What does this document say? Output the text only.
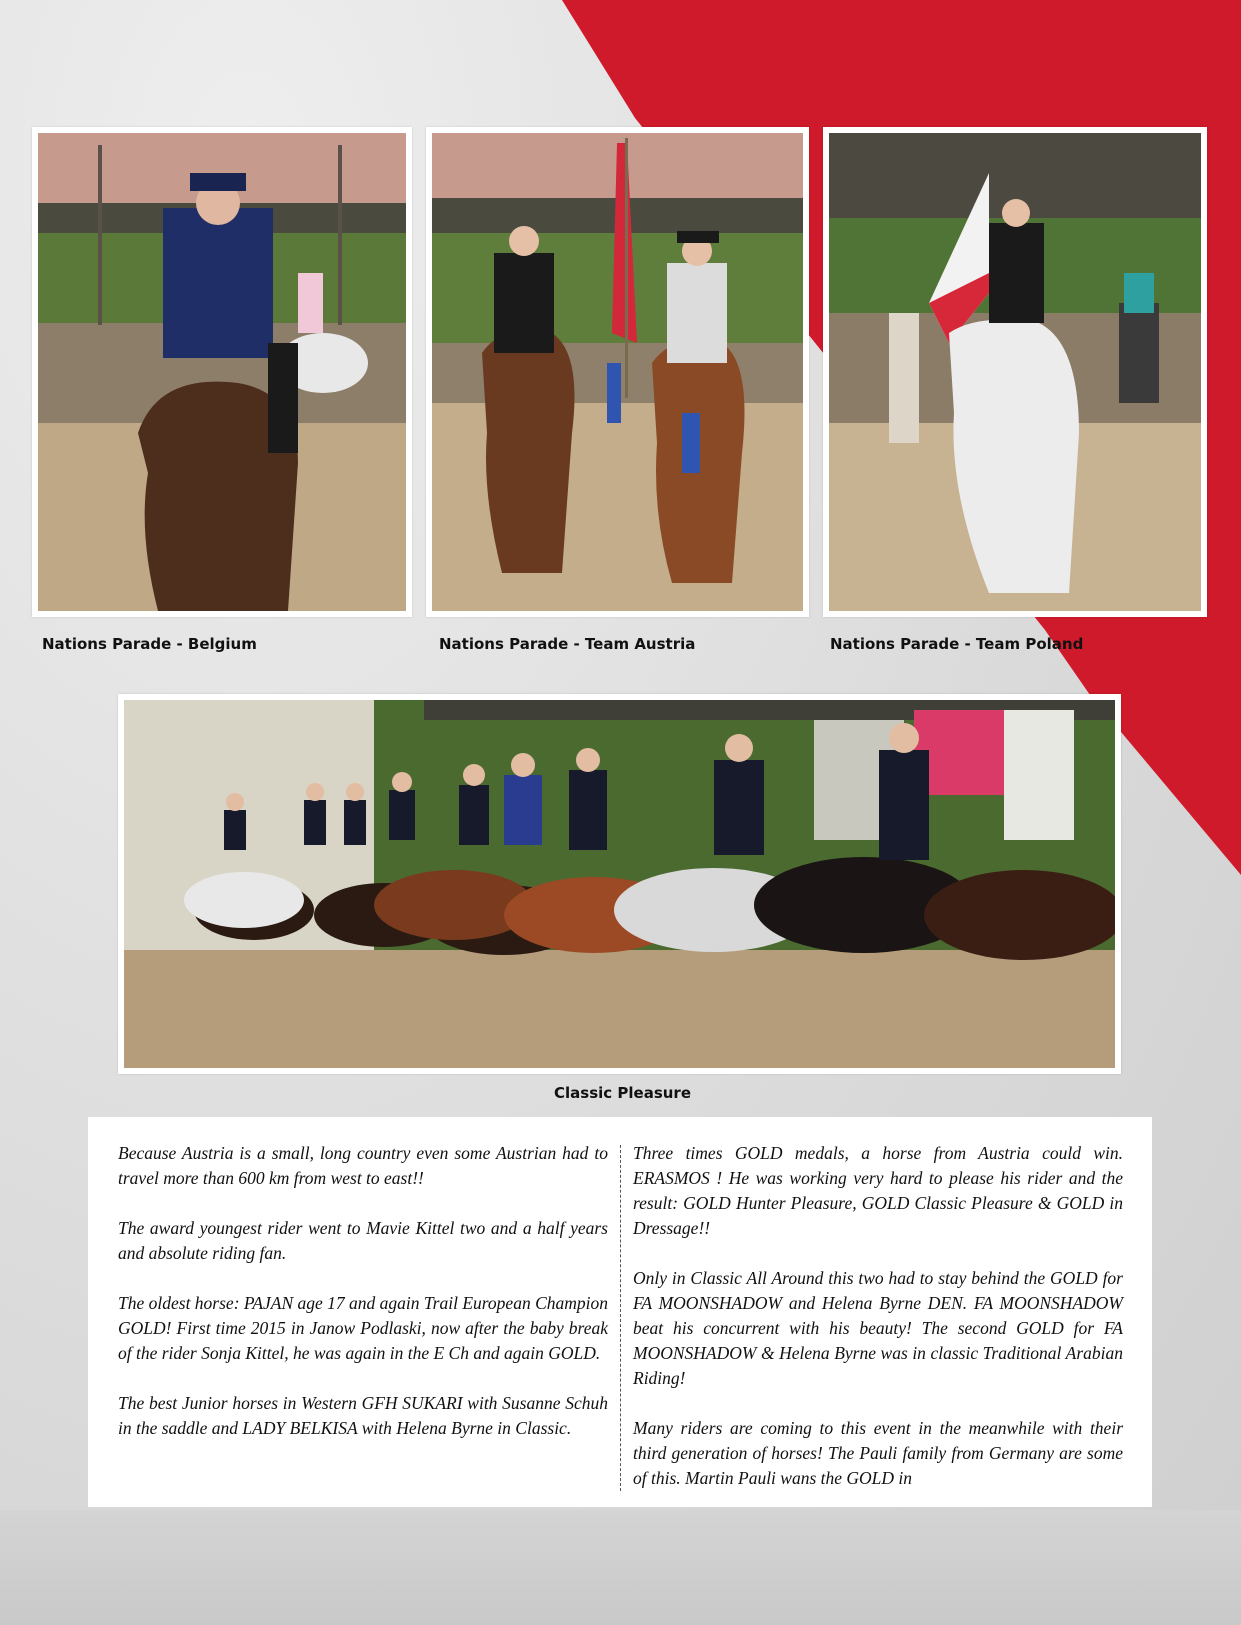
Nations Parade - Belgium	Nations Parade - Team Austria	Nations Parade - Team Poland
Classic Pleasure

Because Austria is a small, long country even some Austrian had to travel more than 600 km from west to east!!

The award youngest rider went to Mavie Kittel two and a half years and absolute riding fan.

The oldest horse: PAJAN age 17 and again Trail European Champion GOLD! First time 2015 in Janow Podlaski, now after the baby break of the rider Sonja Kittel, he was again in the E Ch and again GOLD.

The best Junior horses in Western GFH SUKARI with Susanne Schuh in the saddle and LADY BELKISA with Helena Byrne in Classic.

Three times GOLD medals, a horse from Austria could win. ERASMOS ! He was working very hard to please his rider and the result: GOLD Hunter Pleasure, GOLD Classic Pleasure & GOLD in Dressage!!

Only in Classic All Around this two had to stay behind the GOLD for FA MOONSHADOW and Helena Byrne DEN. FA MOONSHADOW beat his concurrent with his beauty! The second GOLD for FA MOONSHADOW & Helena Byrne was in classic Traditional Arabian Riding!

Many riders are coming to this event in the meanwhile with their third generation of horses! The Pauli family from Germany are some of this. Martin Pauli wans the GOLD in
